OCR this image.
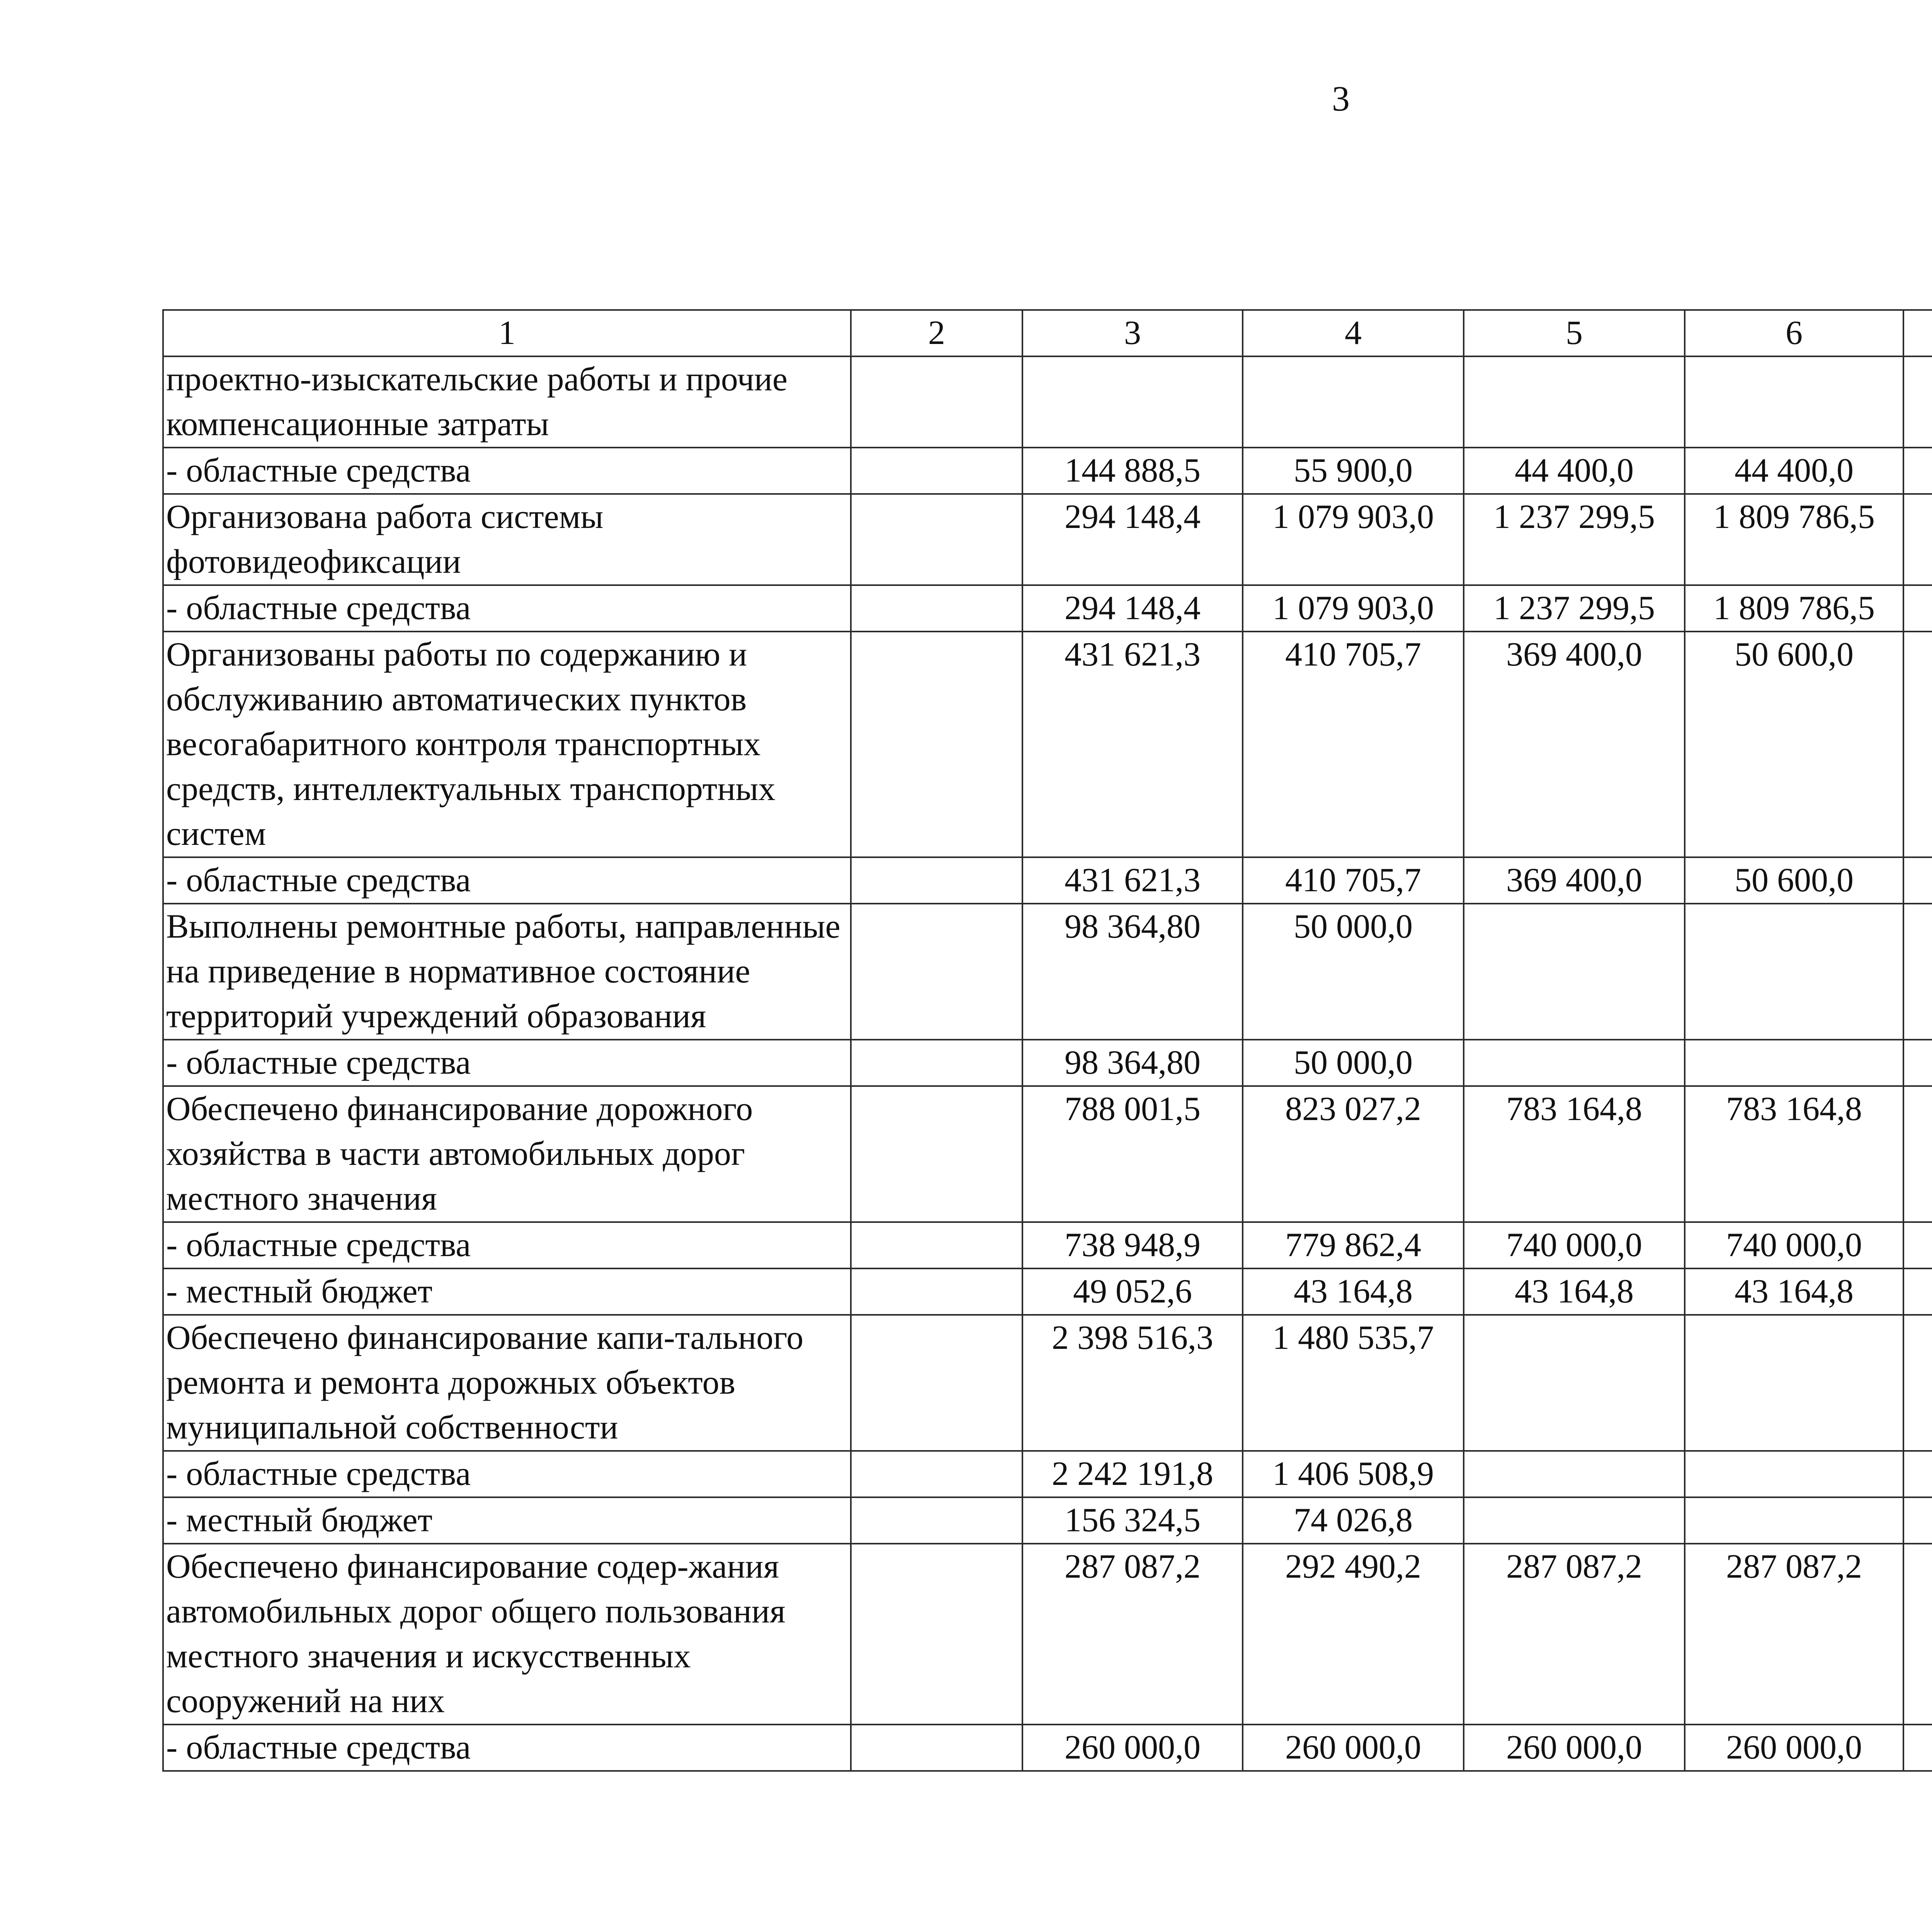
3
1	2	3	4	5	6			
проектно-изыскательские работы и прочие компенсационные затраты								
- областные средства		144 888,5	55 900,0	44 400,0	44 400,0			
Организована работа системы фотовидеофиксации		294 148,4	1 079 903,0	1 237 299,5	1 809 786,5			
- областные средства		294 148,4	1 079 903,0	1 237 299,5	1 809 786,5			
Организованы работы по содержанию и обслуживанию автоматических пунктов весогабаритного контроля транспортных средств, интеллектуальных транспортных систем		431 621,3	410 705,7	369 400,0	50 600,0			
- областные средства		431 621,3	410 705,7	369 400,0	50 600,0			
Выполнены ремонтные работы, направленные на приведение в нормативное состояние территорий учреждений образования		98 364,80	50 000,0					
- областные средства		98 364,80	50 000,0					
Обеспечено финансирование дорожного хозяйства в части автомобильных дорог местного значения		788 001,5	823 027,2	783 164,8	783 164,8			
- областные средства		738 948,9	779 862,4	740 000,0	740 000,0			
- местный бюджет		49 052,6	43 164,8	43 164,8	43 164,8			
Обеспечено финансирование капи-тального ремонта и ремонта дорожных объектов муниципальной собственности		2 398 516,3	1 480 535,7					
- областные средства		2 242 191,8	1 406 508,9					
- местный бюджет		156 324,5	74 026,8					
Обеспечено финансирование содер-жания автомобильных дорог общего пользования местного значения и искусственных сооружений на них		287 087,2	292 490,2	287 087,2	287 087,2			
- областные средства		260 000,0	260 000,0	260 000,0	260 000,0			
